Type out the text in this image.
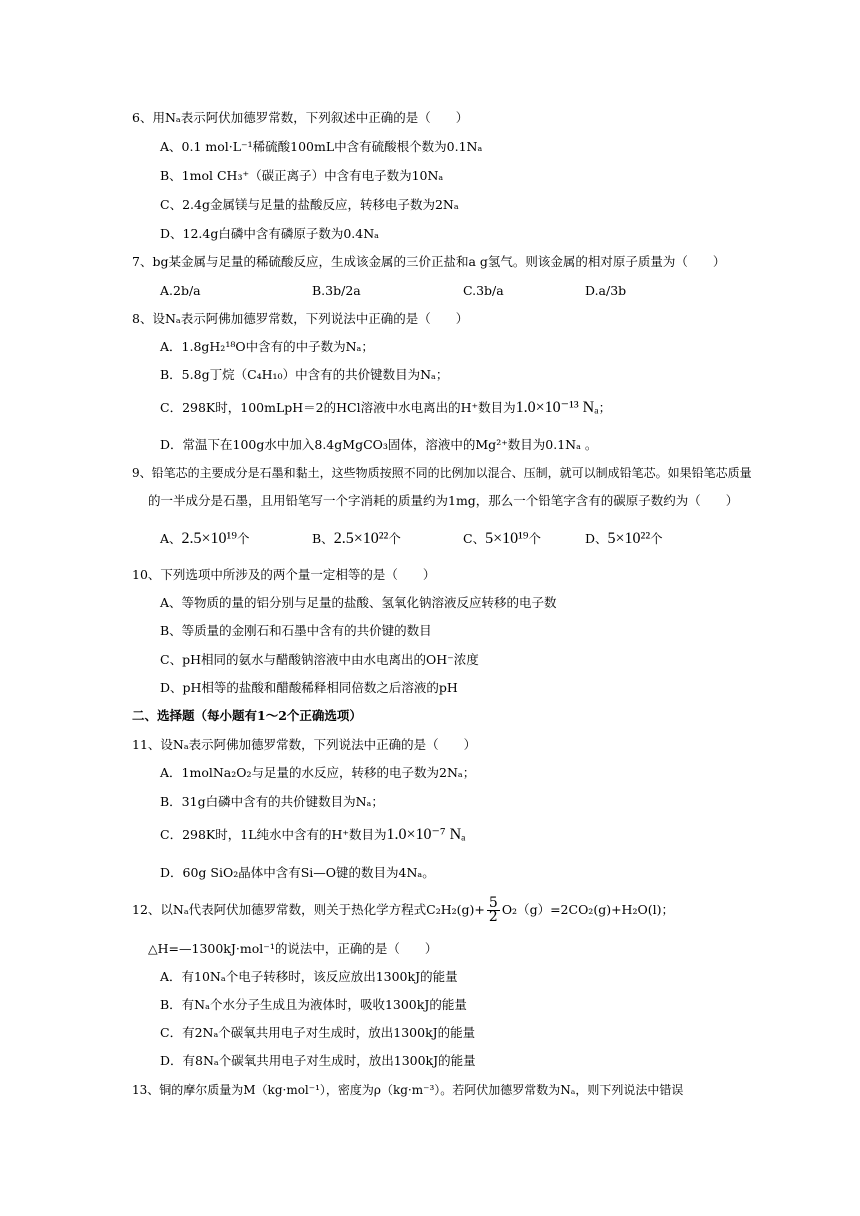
6、用Nₐ表示阿伏加德罗常数，下列叙述中正确的是（　　）
A、0.1 mol·L⁻¹稀硫酸100mL中含有硫酸根个数为0.1Nₐ
B、1mol CH₃⁺（碳正离子）中含有电子数为10Nₐ
C、2.4g金属镁与足量的盐酸反应，转移电子数为2Nₐ
D、12.4g白磷中含有磷原子数为0.4Nₐ
7、bg某金属与足量的稀硫酸反应，生成该金属的三价正盐和a g氢气。则该金属的相对原子质量为（　　）
A.2b/a	B.3b/2a	C.3b/a	D.a/3b
8、设Nₐ表示阿佛加德罗常数，下列说法中正确的是（　　）
A．1.8gH₂¹⁸O中含有的中子数为Nₐ；
B．5.8g丁烷（C₄H₁₀）中含有的共价键数目为Nₐ；
C．298K时，100mLpH＝2的HCl溶液中水电离出的H⁺数目为1.0×10⁻¹³ Nₐ；
D．常温下在100g水中加入8.4gMgCO₃固体，溶液中的Mg²⁺数目为0.1Nₐ 。
9、铅笔芯的主要成分是石墨和黏土，这些物质按照不同的比例加以混合、压制，就可以制成铅笔芯。如果铅笔芯质量
的一半成分是石墨，且用铅笔写一个字消耗的质量约为1mg，那么一个铅笔字含有的碳原子数约为（　　）
A、2.5×10¹⁹个	B、2.5×10²²个	C、5×10¹⁹个	D、5×10²²个
10、下列选项中所涉及的两个量一定相等的是（　　）
A、等物质的量的铝分别与足量的盐酸、氢氧化钠溶液反应转移的电子数
B、等质量的金刚石和石墨中含有的共价键的数目
C、pH相同的氨水与醋酸钠溶液中由水电离出的OH⁻浓度
D、pH相等的盐酸和醋酸稀释相同倍数之后溶液的pH
二、选择题（每小题有1～2个正确选项）
11、设Nₐ表示阿佛加德罗常数，下列说法中正确的是（　　）
A．1molNa₂O₂与足量的水反应，转移的电子数为2Nₐ；
B．31g白磷中含有的共价键数目为Nₐ；
C．298K时，1L纯水中含有的H⁺数目为1.0×10⁻⁷ Nₐ
D．60g SiO₂晶体中含有Si—O键的数目为4Nₐ。
12、以Nₐ代表阿伏加德罗常数，则关于热化学方程式$C_2H_2(g)+ \frac{5}{2} O_2(g)=2CO_2(g)+H_2O(l)$；
△H=—1300kJ·mol⁻¹的说法中，正确的是（　　）
A．有10Nₐ个电子转移时，该反应放出1300kJ的能量
B．有Nₐ个水分子生成且为液体时，吸收1300kJ的能量
C．有2Nₐ个碳氧共用电子对生成时，放出1300kJ的能量
D．有8Nₐ个碳氧共用电子对生成时，放出1300kJ的能量
13、铜的摩尔质量为M（kg·mol⁻¹），密度为ρ（kg·m⁻³）。若阿伏加德罗常数为Nₐ，则下列说法中错误
